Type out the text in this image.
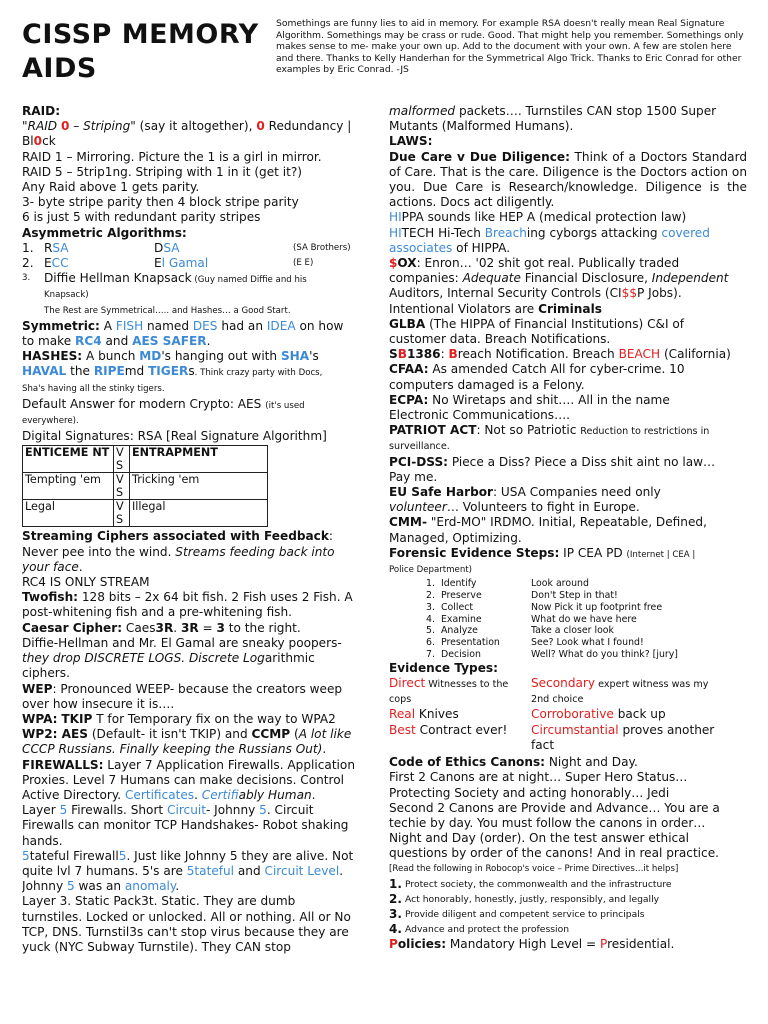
CISSP MEMORY AIDS
Somethings are funny lies to aid in memory. For example RSA doesn't really mean Real Signature Algorithm. Somethings may be crass or rude. Good. That might help you remember. Somethings only makes sense to me- make your own up. Add to the document with your own. A few are stolen here and there. Thanks to Kelly Handerhan for the Symmetrical Algo Trick. Thanks to Eric Conrad for other examples by Eric Conrad. -JS
RAID:
"RAID 0 – Striping" (say it altogether), 0 Redundancy |
Bl0ck
RAID 1 – Mirroring. Picture the 1 is a girl in mirror.
RAID 5 – 5trip1ng. Striping with 1 in it (get it?)
Any Raid above 1 gets parity.
3- byte stripe parity then 4 block stripe parity
6 is just 5 with redundant parity stripes
Asymmetric Algorithms:
1. RSA	DSA	(SA Brothers)
2. ECC	El Gamal	(E E)
3.	Diffie Hellman Knapsack (Guy named Diffie and his
Knapsack)
The Rest are Symmetrical….. and Hashes… a Good Start.
Symmetric: A FISH named DES had an IDEA on how
to make RC4 and AES SAFER.
HASHES: A bunch MD's hanging out with SHA's
HAVAL the RIPEmd TIGERs. Think crazy party with Docs,
Sha's having all the stinky tigers.
Default Answer for modern Crypto: AES (it's used
everywhere).
Digital Signatures: RSA [Real Signature Algorithm]
ENTICEME NT	V S	ENTRAPMENT
Tempting 'em	V S	Tricking 'em
Legal	V S	Illegal
Streaming Ciphers associated with Feedback:
Never pee into the wind. Streams feeding back into
your face.
RC4 IS ONLY STREAM
Twofish: 128 bits – 2x 64 bit fish. 2 Fish uses 2 Fish. A
post-whitening fish and a pre-whitening fish.
Caesar Cipher: Caes3R. 3R = 3 to the right.
Diffie-Hellman and Mr. El Gamal are sneaky poopers-
they drop DISCRETE LOGS. Discrete Logarithmic
ciphers.
WEP: Pronounced WEEP- because the creators weep
over how insecure it is….
WPA: TKIP T for Temporary fix on the way to WPA2
WP2: AES (Default- it isn't TKIP) and CCMP (A lot like
CCCP Russians. Finally keeping the Russians Out).
FIREWALLS: Layer 7 Application Firewalls. Application
Proxies. Level 7 Humans can make decisions. Control
Active Directory. Certificates. Certifiably Human.
Layer 5 Firewalls. Short Circuit- Johnny 5. Circuit
Firewalls can monitor TCP Handshakes- Robot shaking
hands.
5tateful Firewall5. Just like Johnny 5 they are alive. Not
quite lvl 7 humans. 5's are 5tateful and Circuit Level.
Johnny 5 was an anomaly.
Layer 3. Static Pack3t. Static. They are dumb
turnstiles. Locked or unlocked. All or nothing. All or No
TCP, DNS. Turnstil3s can't stop virus because they are
yuck (NYC Subway Turnstile). They CAN stop
malformed packets…. Turnstiles CAN stop 1500 Super
Mutants (Malformed Humans).
LAWS:
Due Care v Due Diligence: Think of a Doctors Standard of Care. That is the care. Diligence is the Doctors action on you. Due Care is Research/knowledge. Diligence is the actions. Docs act diligently.
HIPPA sounds like HEP A (medical protection law)
HITECH Hi-Tech Breaching cyborgs attacking covered
associates of HIPPA.
$OX: Enron… '02 shit got real. Publically traded
companies: Adequate Financial Disclosure, Independent
Auditors, Internal Security Controls (CI$$P Jobs).
Intentional Violators are Criminals
GLBA (The HIPPA of Financial Institutions) C&I of
customer data. Breach Notifications.
SB1386: Breach Notification. Breach BEACH (California)
CFAA: As amended Catch All for cyber-crime. 10
computers damaged is a Felony.
ECPA: No Wiretaps and shit…. All in the name
Electronic Communications….
PATRIOT ACT: Not so Patriotic Reduction to restrictions in
surveillance.
PCI-DSS: Piece a Diss? Piece a Diss shit aint no law…
Pay me.
EU Safe Harbor: USA Companies need only
volunteer… Volunteers to fight in Europe.
CMM- "Erd-MO" IRDMO. Initial, Repeatable, Defined,
Managed, Optimizing.
Forensic Evidence Steps: IP CEA PD (Internet | CEA |
Police Department)
1. Identify	Look around
2. Preserve	Don't Step in that!
3. Collect	Now Pick it up footprint free
4. Examine	What do we have here
5. Analyze	Take a closer look
6. Presentation	See? Look what I found!
7. Decision	Well? What do you think? [jury]
Evidence Types:
Direct Witnesses to the	Secondary expert witness was my
cops	2nd choice
Real Knives	Corroborative back up
Best Contract ever!	Circumstantial proves another
fact
Code of Ethics Canons: Night and Day.
First 2 Canons are at night… Super Hero Status…
Protecting Society and acting honorably… Jedi
Second 2 Canons are Provide and Advance… You are a
techie by day. You must follow the canons in order…
Night and Day (order). On the test answer ethical
questions by order of the canons! And in real practice.
[Read the following in Robocop's voice – Prime Directives…it helps]
1. Protect society, the commonwealth and the infrastructure
2. Act honorably, honestly, justly, responsibly, and legally
3. Provide diligent and competent service to principals
4. Advance and protect the profession
Policies: Mandatory High Level = Presidential.
